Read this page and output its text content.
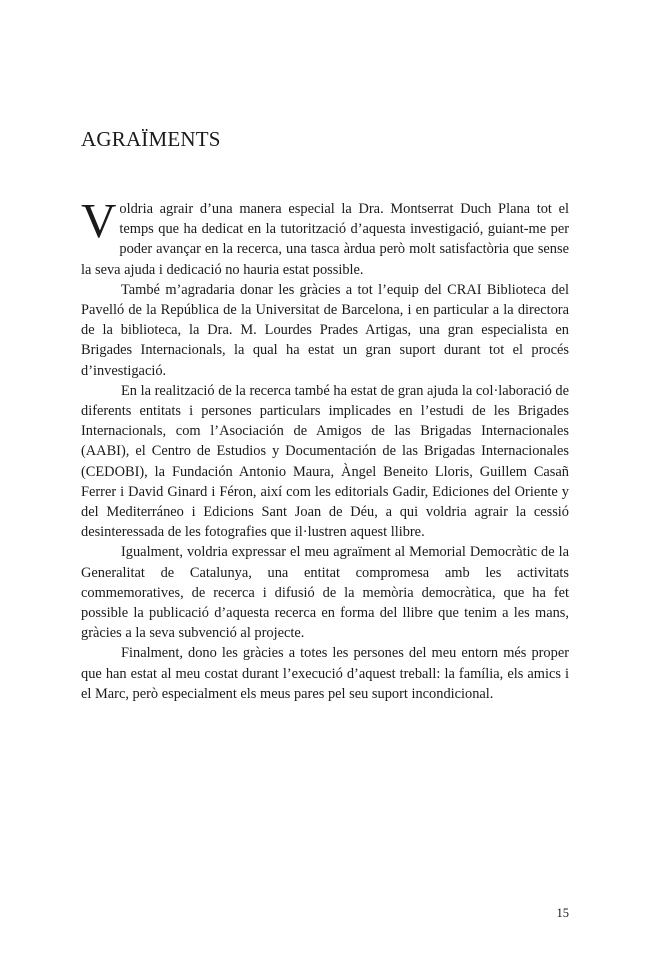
AGRAÏMENTS

Voldria agrair d’una manera especial la Dra. Montserrat Duch Plana tot el temps que ha dedicat en la tutorització d’aquesta investigació, guiant-me per poder avançar en la recerca, una tasca àrdua però molt satisfactòria que sense la seva ajuda i dedicació no hauria estat possible.

També m’agradaria donar les gràcies a tot l’equip del CRAI Biblioteca del Pavelló de la República de la Universitat de Barcelona, i en particular a la directora de la biblioteca, la Dra. M. Lourdes Prades Artigas, una gran especialista en Brigades Internacionals, la qual ha estat un gran suport durant tot el procés d’investigació.

En la realització de la recerca també ha estat de gran ajuda la col·laboració de diferents entitats i persones particulars implicades en l’estudi de les Brigades Internacionals, com l’Asociación de Amigos de las Brigadas Internacionales (AABI), el Centro de Estudios y Documentación de las Brigadas Internacionales (CEDOBI), la Fundación Antonio Maura, Àngel Beneito Lloris, Guillem Casañ Ferrer i David Ginard i Féron, així com les editorials Gadir, Ediciones del Oriente y del Mediterráneo i Edicions Sant Joan de Déu, a qui voldria agrair la cessió desinteressada de les fotografies que il·lustren aquest llibre.

Igualment, voldria expressar el meu agraïment al Memorial Democràtic de la Generalitat de Catalunya, una entitat compromesa amb les activitats commemoratives, de recerca i difusió de la memòria democràtica, que ha fet possible la publicació d’aquesta recerca en forma del llibre que tenim a les mans, gràcies a la seva subvenció al projecte.

Finalment, dono les gràcies a totes les persones del meu entorn més proper que han estat al meu costat durant l’execució d’aquest treball: la família, els amics i el Marc, però especialment els meus pares pel seu suport incondicional.

15
